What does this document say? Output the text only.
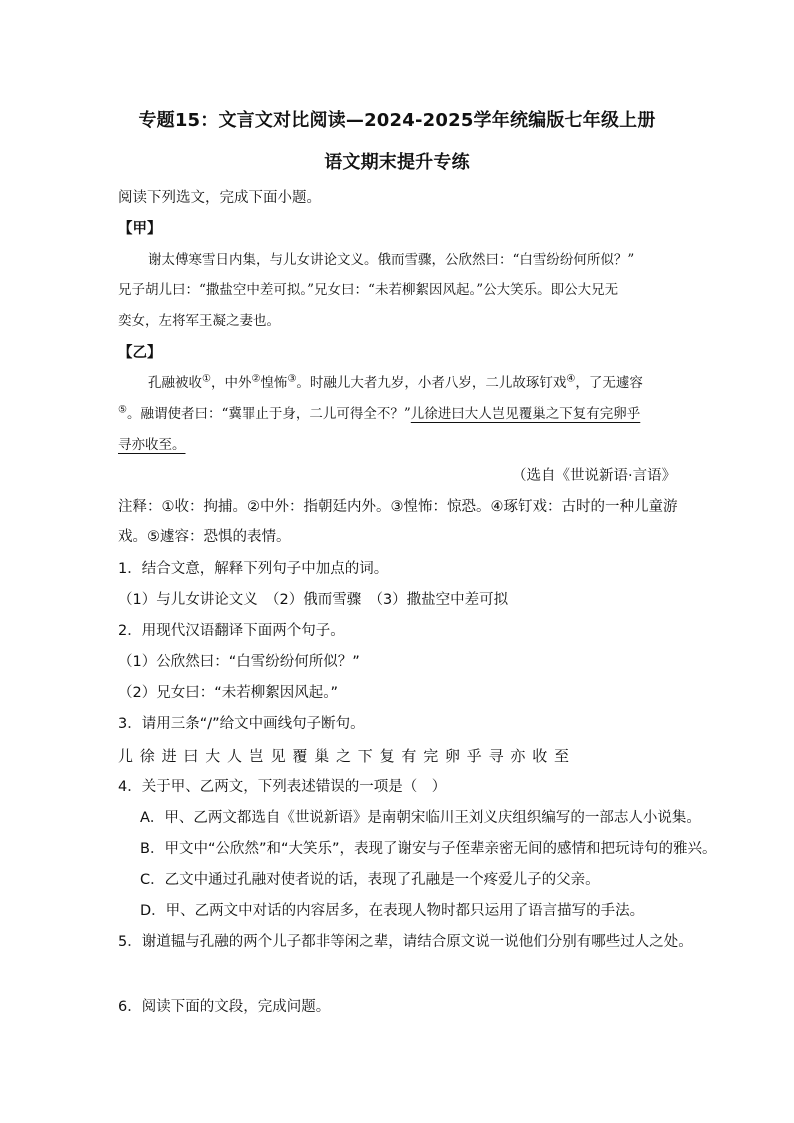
专题15：文言文对比阅读—2024-2025学年统编版七年级上册
语文期末提升专练
阅读下列选文，完成下面小题。
【甲】
谢太傅寒雪日内集，与儿女讲论文义。俄而雪骤，公欣然曰：“白雪纷纷何所似？”
兄子胡儿曰：“撒盐空中差可拟。”兄女曰：“未若柳絮因风起。”公大笑乐。即公大兄无
奕女，左将军王凝之妻也。
【乙】
孔融被收①，中外②惶怖③。时融儿大者九岁，小者八岁，二儿故琢钉戏④，了无遽容
⑤。融谓使者曰：“冀罪止于身，二儿可得全不？”儿徐进曰大人岂见覆巢之下复有完卵乎
寻亦收至。
（选自《世说新语·言语》
注释：①收：拘捕。②中外：指朝廷内外。③惶怖：惊恐。④琢钉戏：古时的一种儿童游
戏。⑤遽容：恐惧的表情。
1．结合文意，解释下列句子中加点的词。
（1）与儿女讲论文义　（2）俄而雪骤　（3）撒盐空中差可拟
2．用现代汉语翻译下面两个句子。
（1）公欣然曰：“白雪纷纷何所似？”
（2）兄女曰：“未若柳絮因风起。”
3．请用三条“/”给文中画线句子断句。
儿徐进曰大人岂见覆巢之下复有完卵乎寻亦收至
4．关于甲、乙两文，下列表述错误的一项是（　）
A．甲、乙两文都选自《世说新语》是南朝宋临川王刘义庆组织编写的一部志人小说集。
B．甲文中“公欣然”和“大笑乐”，表现了谢安与子侄辈亲密无间的感情和把玩诗句的雅兴。
C．乙文中通过孔融对使者说的话，表现了孔融是一个疼爱儿子的父亲。
D．甲、乙两文中对话的内容居多，在表现人物时都只运用了语言描写的手法。
5．谢道韫与孔融的两个儿子都非等闲之辈，请结合原文说一说他们分别有哪些过人之处。
6．阅读下面的文段，完成问题。
